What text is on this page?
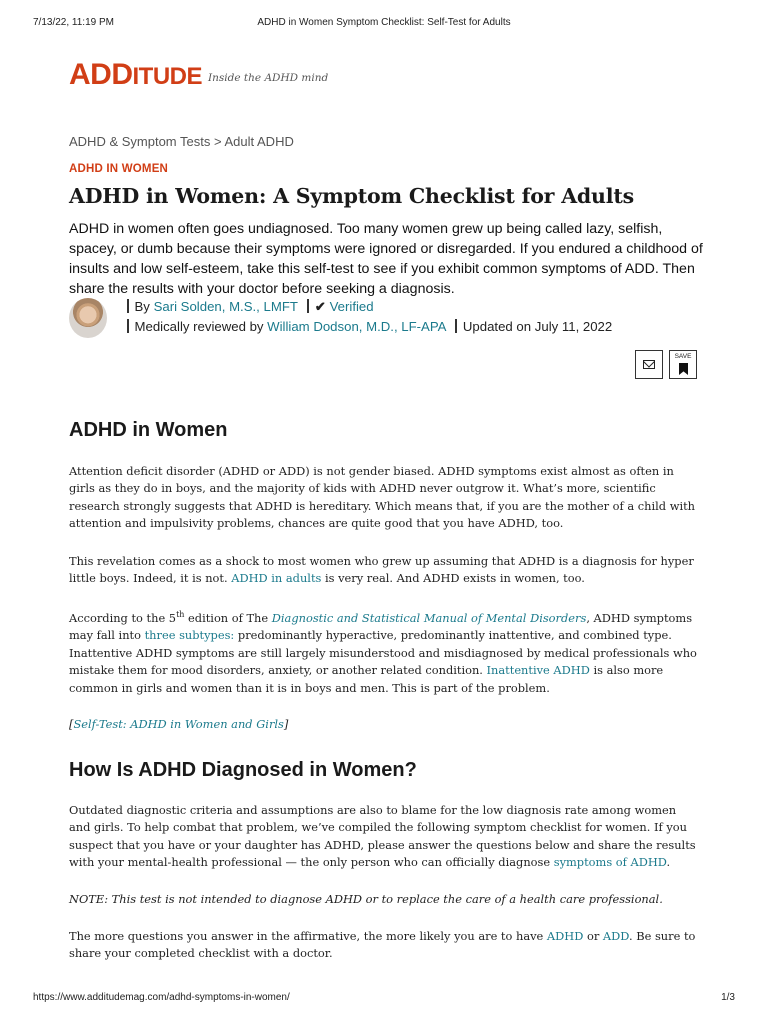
7/13/22, 11:19 PM	ADHD in Women Symptom Checklist: Self-Test for Adults
ADDITUDE Inside the ADHD mind
ADHD & Symptom Tests > Adult ADHD
ADHD IN WOMEN
ADHD in Women: A Symptom Checklist for Adults
ADHD in women often goes undiagnosed. Too many women grew up being called lazy, selfish, spacey, or dumb because their symptoms were ignored or disregarded. If you endured a childhood of insults and low self-esteem, take this self-test to see if you exhibit common symptoms of ADD. Then share the results with your doctor before seeking a diagnosis.
By Sari Solden, M.S., LMFT ✔ Verified
Medically reviewed by William Dodson, M.D., LF-APA Updated on July 11, 2022
SAVE
ADHD in Women

Attention deficit disorder (ADHD or ADD) is not gender biased. ADHD symptoms exist almost as often in girls as they do in boys, and the majority of kids with ADHD never outgrow it. What’s more, scientific research strongly suggests that ADHD is hereditary. Which means that, if you are the mother of a child with attention and impulsivity problems, chances are quite good that you have ADHD, too.

This revelation comes as a shock to most women who grew up assuming that ADHD is a diagnosis for hyper little boys. Indeed, it is not. ADHD in adults is very real. And ADHD exists in women, too.

According to the 5th edition of The Diagnostic and Statistical Manual of Mental Disorders, ADHD symptoms may fall into three subtypes: predominantly hyperactive, predominantly inattentive, and combined type. Inattentive ADHD symptoms are still largely misunderstood and misdiagnosed by medical professionals who mistake them for mood disorders, anxiety, or another related condition. Inattentive ADHD is also more common in girls and women than it is in boys and men. This is part of the problem.

[Self-Test: ADHD in Women and Girls]

How Is ADHD Diagnosed in Women?

Outdated diagnostic criteria and assumptions are also to blame for the low diagnosis rate among women and girls. To help combat that problem, we’ve compiled the following symptom checklist for women. If you suspect that you have or your daughter has ADHD, please answer the questions below and share the results with your mental-health professional — the only person who can officially diagnose symptoms of ADHD.

NOTE: This test is not intended to diagnose ADHD or to replace the care of a health care professional.

The more questions you answer in the affirmative, the more likely you are to have ADHD or ADD. Be sure to share your completed checklist with a doctor.

https://www.additudemag.com/adhd-symptoms-in-women/	1/3
